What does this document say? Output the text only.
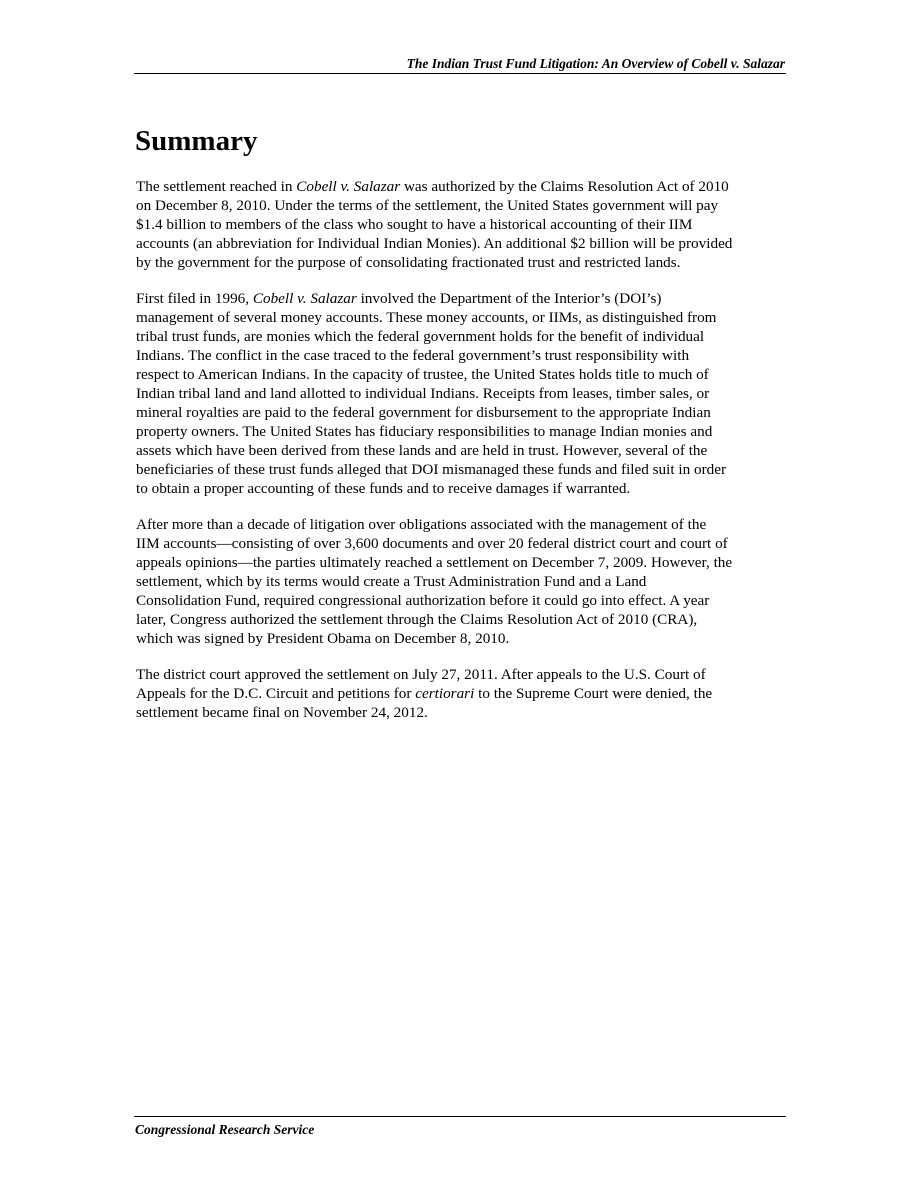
The Indian Trust Fund Litigation: An Overview of Cobell v. Salazar
Summary

The settlement reached in Cobell v. Salazar was authorized by the Claims Resolution Act of 2010
on December 8, 2010. Under the terms of the settlement, the United States government will pay
$1.4 billion to members of the class who sought to have a historical accounting of their IIM
accounts (an abbreviation for Individual Indian Monies). An additional $2 billion will be provided
by the government for the purpose of consolidating fractionated trust and restricted lands.

First filed in 1996, Cobell v. Salazar involved the Department of the Interior’s (DOI’s)
management of several money accounts. These money accounts, or IIMs, as distinguished from
tribal trust funds, are monies which the federal government holds for the benefit of individual
Indians. The conflict in the case traced to the federal government’s trust responsibility with
respect to American Indians. In the capacity of trustee, the United States holds title to much of
Indian tribal land and land allotted to individual Indians. Receipts from leases, timber sales, or
mineral royalties are paid to the federal government for disbursement to the appropriate Indian
property owners. The United States has fiduciary responsibilities to manage Indian monies and
assets which have been derived from these lands and are held in trust. However, several of the
beneficiaries of these trust funds alleged that DOI mismanaged these funds and filed suit in order
to obtain a proper accounting of these funds and to receive damages if warranted.

After more than a decade of litigation over obligations associated with the management of the
IIM accounts—consisting of over 3,600 documents and over 20 federal district court and court of
appeals opinions—the parties ultimately reached a settlement on December 7, 2009. However, the
settlement, which by its terms would create a Trust Administration Fund and a Land
Consolidation Fund, required congressional authorization before it could go into effect. A year
later, Congress authorized the settlement through the Claims Resolution Act of 2010 (CRA),
which was signed by President Obama on December 8, 2010.

The district court approved the settlement on July 27, 2011. After appeals to the U.S. Court of
Appeals for the D.C. Circuit and petitions for certiorari to the Supreme Court were denied, the
settlement became final on November 24, 2012.

Congressional Research Service
